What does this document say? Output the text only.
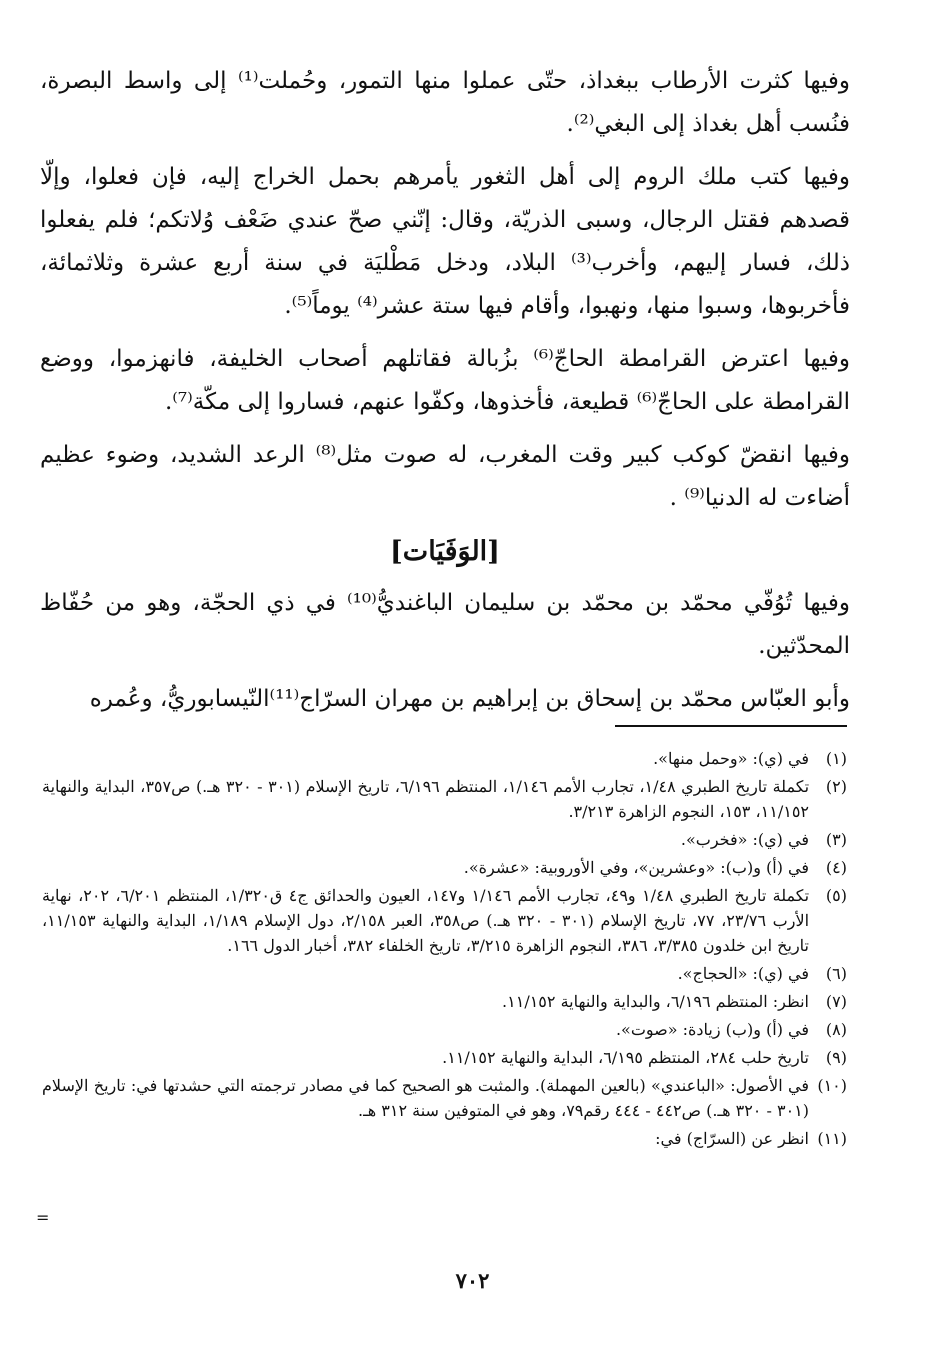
وفيها كثرت الأرطاب ببغداذ، حتّى عملوا منها التمور، وحُملت⁽¹⁾ إلى واسط البصرة، فنُسب أهل بغداذ إلى البغي⁽²⁾.

وفيها كتب ملك الروم إلى أهل الثغور يأمرهم بحمل الخراج إليه، فإن فعلوا، وإلّا قصدهم فقتل الرجال، وسبى الذريّة، وقال: إنّني صحّ عندي ضَعْف وُلاتكم؛ فلم يفعلوا ذلك، فسار إليهم، وأخرب⁽³⁾ البلاد، ودخل مَطْليَة في سنة أربع عشرة وثلاثمائة، فأخربوها، وسبوا منها، ونهبوا، وأقام فيها ستة عشر⁽⁴⁾ يوماً⁽⁵⁾.

وفيها اعترض القرامطة الحاجّ⁽⁶⁾ بزُبالة فقاتلهم أصحاب الخليفة، فانهزموا، ووضع القرامطة على الحاجّ⁽⁶⁾ قطيعة، فأخذوها، وكفّوا عنهم، فساروا إلى مكّة⁽⁷⁾.

وفيها انقضّ كوكب كبير وقت المغرب، له صوت مثل⁽⁸⁾ الرعد الشديد، وضوء عظيم أضاءت له الدنيا⁽⁹⁾ .

[الوَفَيَات]

وفيها تُوُفّي محمّد بن محمّد بن سليمان الباغنديُّ⁽¹⁰⁾ في ذي الحجّة، وهو من حُفّاظ المحدّثين.

وأبو العبّاس محمّد بن إسحاق بن إبراهيم بن مهران السرّاج⁽¹¹⁾النّيسابوريُّ، وعُمره

(١)
في (ي): «وحمل منها».
(٢)
تكملة تاريخ الطبري ١/٤٨، تجارب الأمم ١/١٤٦، المنتظم ٦/١٩٦، تاريخ الإسلام (٣٠١ - ٣٢٠ هـ.) ص٣٥٧، البداية والنهاية ١١/١٥٢، ١٥٣، النجوم الزاهرة ٣/٢١٣.
(٣)
في (ي): «فخرب».
(٤)
في (أ) و(ب): «وعشرين»، وفي الأوروبية: «عشرة».
(٥)
تكملة تاريخ الطبري ١/٤٨ و٤٩، تجارب الأمم ١/١٤٦ و١٤٧، العيون والحدائق ج٤ ق١/٣٢٠، المنتظم ٦/٢٠١، ٢٠٢، نهاية الأرب ٢٣/٧٦، ٧٧، تاريخ الإسلام (٣٠١ - ٣٢٠ هـ.) ص٣٥٨، العبر ٢/١٥٨، دول الإسلام ١/١٨٩، البداية والنهاية ١١/١٥٣، تاريخ ابن خلدون ٣/٣٨٥، ٣٨٦، النجوم الزاهرة ٣/٢١٥، تاريخ الخلفاء ٣٨٢، أخبار الدول ١٦٦.
(٦)
في (ي): «الحجاج».
(٧)
انظر: المنتظم ٦/١٩٦، والبداية والنهاية ١١/١٥٢.
(٨)
في (أ) و(ب) زيادة: «صوت».
(٩)
تاريخ حلب ٢٨٤، المنتظم ٦/١٩٥، البداية والنهاية ١١/١٥٢.
(١٠)
في الأصول: «الباعندي» (بالعين المهملة). والمثبت هو الصحيح كما في مصادر ترجمته التي حشدتها في: تاريخ الإسلام (٣٠١ - ٣٢٠ هـ.) ص٤٤٢ - ٤٤٤ رقم٧٩، وهو في المتوفين سنة ٣١٢ هـ.
(١١)
انظر عن (السرّاج) في:
=
٧٠٢
